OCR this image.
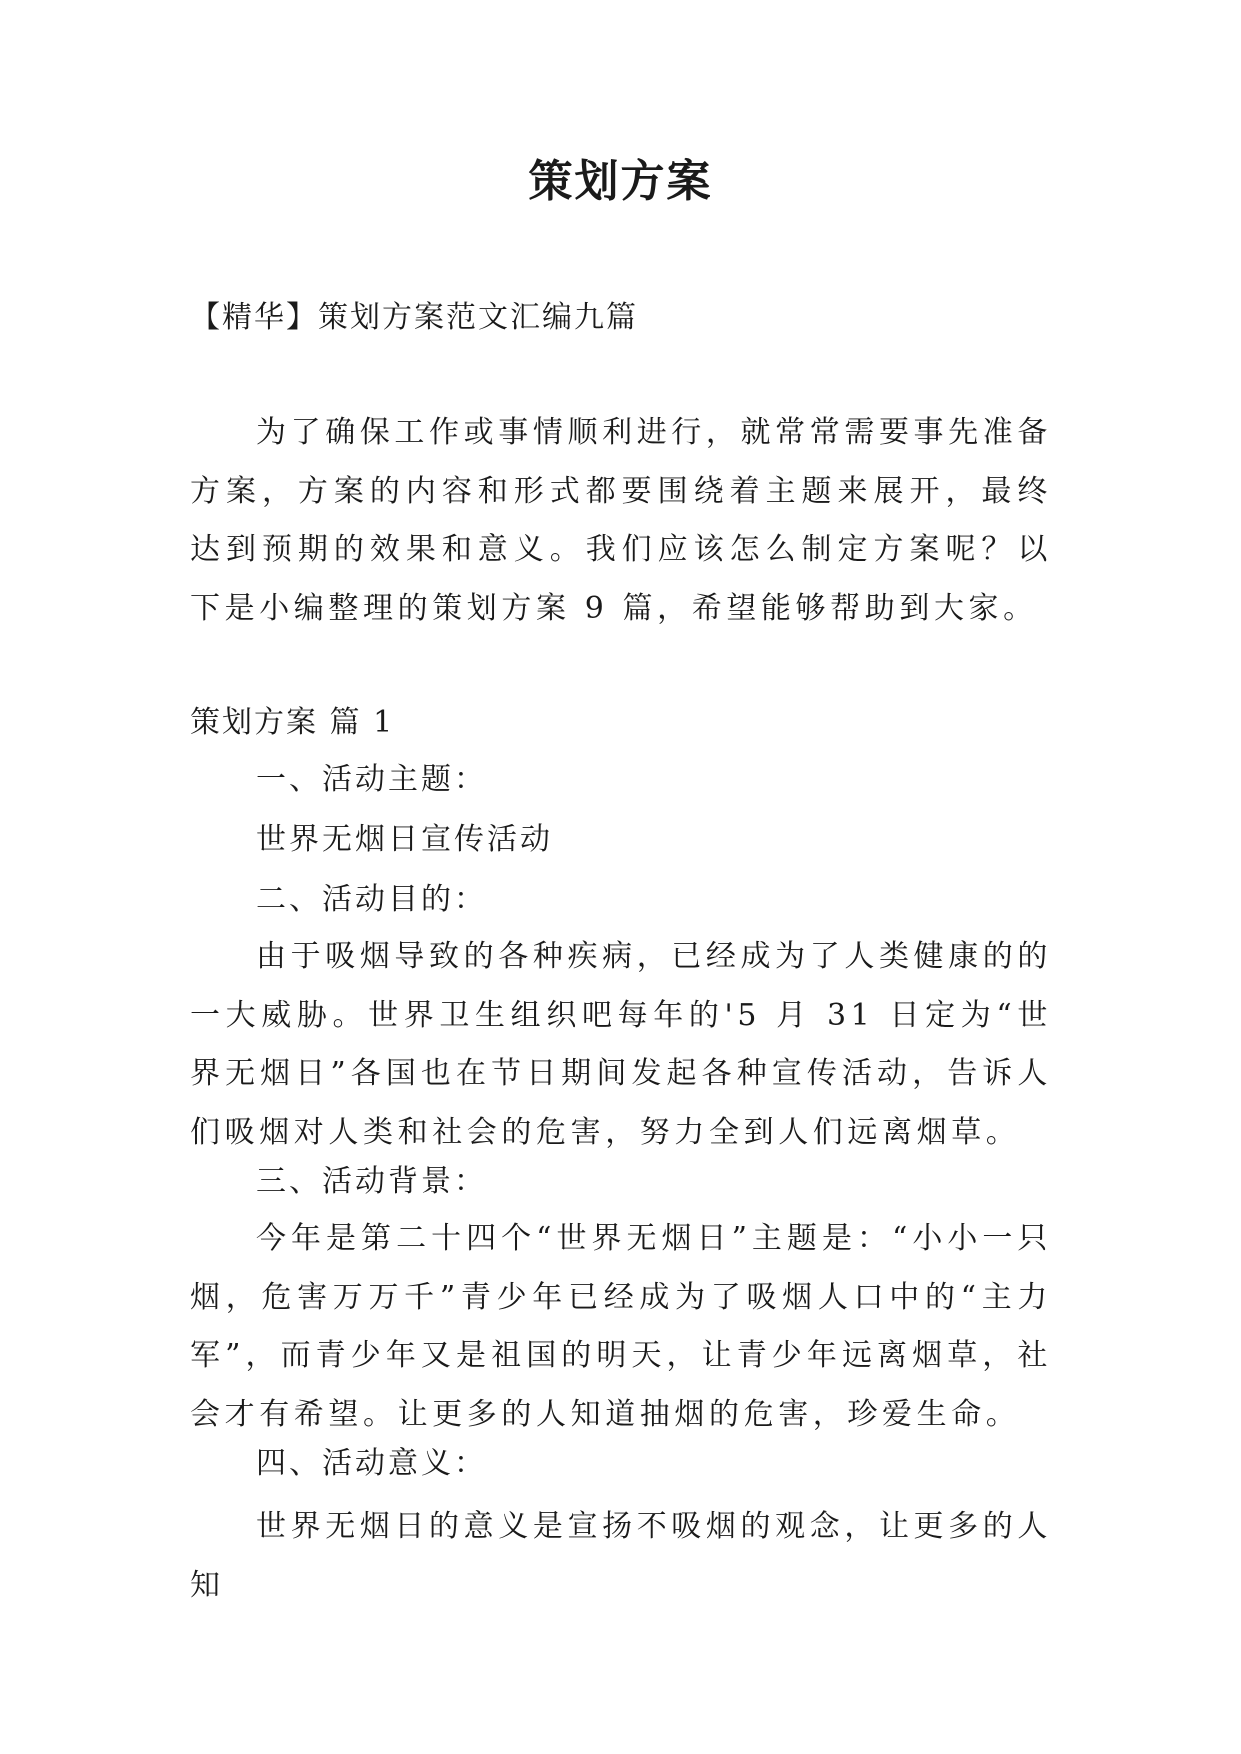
策划方案
【精华】策划方案范文汇编九篇
为了确保工作或事情顺利进行，就常常需要事先准备方案，方案的内容和形式都要围绕着主题来展开，最终达到预期的效果和意义。我们应该怎么制定方案呢？以下是小编整理的策划方案 9 篇，希望能够帮助到大家。
策划方案 篇 1
一、活动主题：
世界无烟日宣传活动
二、活动目的：
由于吸烟导致的各种疾病，已经成为了人类健康的的一大威胁。世界卫生组织吧每年的'5 月 31 日定为“世界无烟日”各国也在节日期间发起各种宣传活动，告诉人们吸烟对人类和社会的危害，努力全到人们远离烟草。
三、活动背景：
今年是第二十四个“世界无烟日”主题是：“小小一只烟，危害万万千”青少年已经成为了吸烟人口中的“主力军”，而青少年又是祖国的明天，让青少年远离烟草，社会才有希望。让更多的人知道抽烟的危害，珍爱生命。
四、活动意义：
世界无烟日的意义是宣扬不吸烟的观念，让更多的人知
